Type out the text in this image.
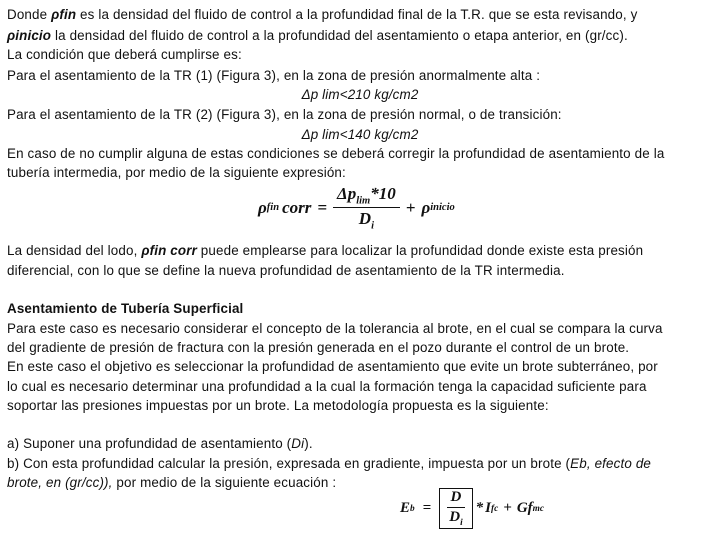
Donde ρfin es la densidad del fluido de control a la profundidad final de la T.R. que se esta revisando, y
ρinicio la densidad del fluido de control a la profundidad del asentamiento o etapa anterior, en (gr/cc).
La condición que deberá cumplirse es:
Para el asentamiento de la TR (1) (Figura 3), en la zona de presión anormalmente alta :
Δp lim<210 kg/cm2
Para el asentamiento de la TR (2) (Figura 3), en la zona de presión normal, o de transición:
Δp lim<140 kg/cm2
En caso de no cumplir alguna de estas condiciones se deberá corregir la profundidad de asentamiento de la
tubería intermedia, por medio de la siguiente expresión:
ρ fin corr = $\frac{\Delta p_{lim}*10}{D_i} + \rho$ inicio
La densidad del lodo, ρfin corr puede emplearse para localizar la profundidad donde existe esta presión
diferencial, con lo que se define la nueva profundidad de asentamiento de la TR intermedia.
Asentamiento de Tubería Superficial
Para este caso es necesario considerar el concepto de la tolerancia al brote, en el cual se compara la curva
del gradiente de presión de fractura con la presión generada en el pozo durante el control de un brote.
En este caso el objetivo es seleccionar la profundidad de asentamiento que evite un brote subterráneo, por
lo cual es necesario determinar una profundidad a la cual la formación tenga la capacidad suficiente para
soportar las presiones impuestas por un brote. La metodología propuesta es la siguiente:
a) Suponer una profundidad de asentamiento (Di).
b) Con esta profundidad calcular la presión, expresada en gradiente, impuesta por un brote (Eb, efecto de
brote, en (gr/cc)), por medio de la siguiente ecuación :
E $b = \frac{D}{D_i} * I$ fc + Gf mc
